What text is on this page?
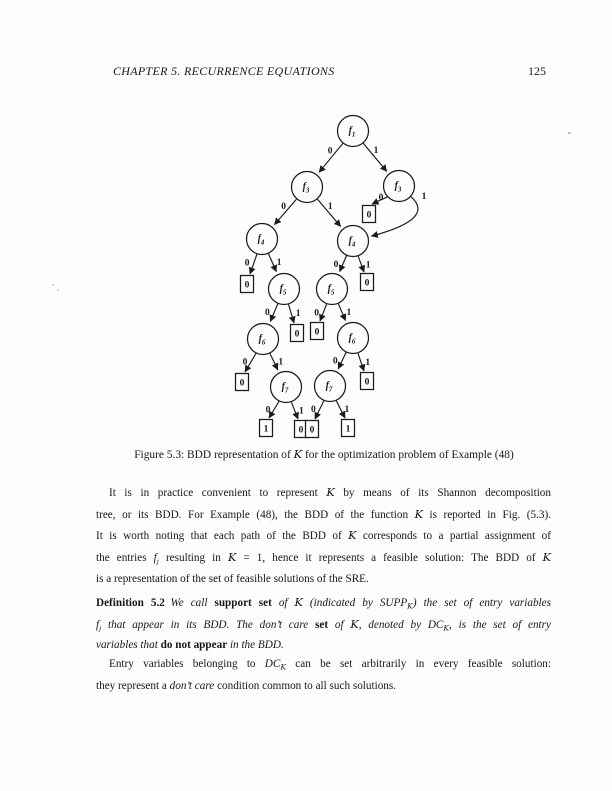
CHAPTER 5. RECURRENCE EQUATIONS	125
0	1
0	1
0	1
0	1	0	1
0	1 0	1
0	1	0	1
0	1 0	1
$f_1$
$f_3$	$f_3$
$f_4$	$f_4$
$f_5$	$f_5$
$f_6$	$f_6$
$f_7$	$f_7$
0
0	0
0 0
0	0
1	0 0	1
Figure 5.3: BDD representation of K for the optimization problem of Example (48)
It is in practice convenient to represent K by means of its Shannon decomposition
tree, or its BDD. For Example (48), the BDD of the function K is reported in Fig. (5.3).
It is worth noting that each path of the BDD of K corresponds to a partial assignment of
the entries $f_j$ resulting in K = 1, hence it represents a feasible solution: The BDD of K
is a representation of the set of feasible solutions of the SRE.
Definition 5.2  We call support set of K (indicated by $SUPP_K$) the set of entry variables
$f_j$ that appear in its BDD. The don’t care set of K, denoted by $DC_K$, is the set of entry
variables that do not appear in the BDD.
Entry variables belonging to $DC_K$ can be set arbitrarily in every feasible solution:
they represent a don’t care condition common to all such solutions.
